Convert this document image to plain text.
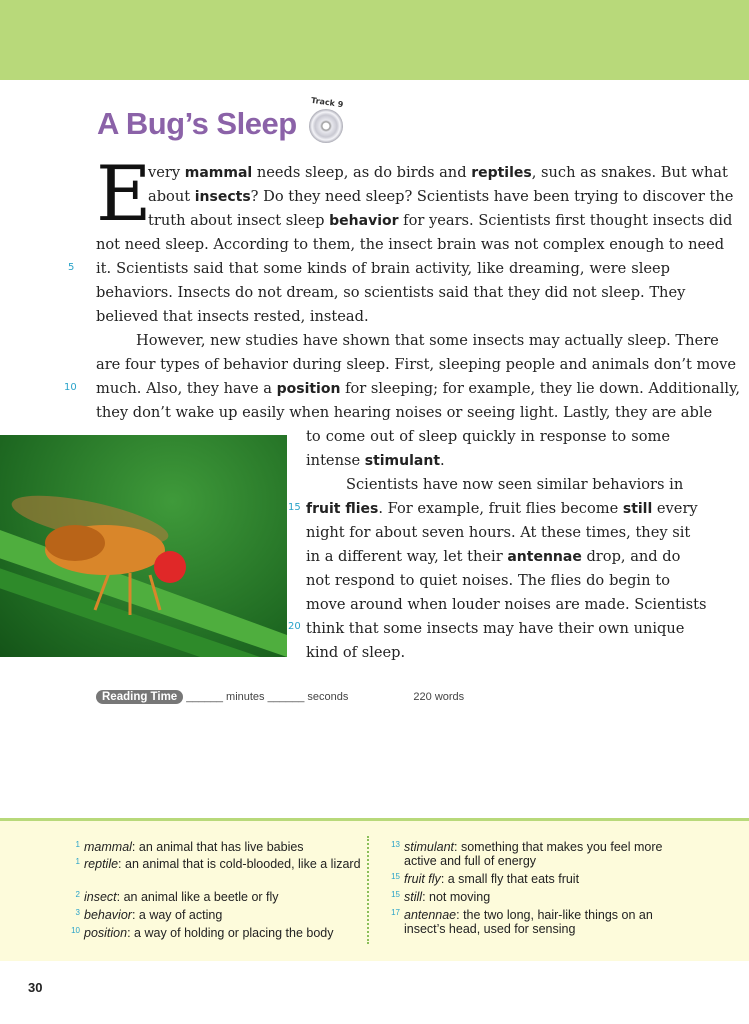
A Bug’s Sleep
Track 9
E
very mammal needs sleep, as do birds and reptiles, such as snakes. But what
about insects? Do they need sleep? Scientists have been trying to discover the
truth about insect sleep behavior for years. Scientists first thought insects did
not need sleep. According to them, the insect brain was not complex enough to need
it. Scientists said that some kinds of brain activity, like dreaming, were sleep
behaviors. Insects do not dream, so scientists said that they did not sleep. They
believed that insects rested, instead.
However, new studies have shown that some insects may actually sleep. There
are four types of behavior during sleep. First, sleeping people and animals don’t move
much. Also, they have a position for sleeping; for example, they lie down. Additionally,
they don’t wake up easily when hearing noises or seeing light. Lastly, they are able
to come out of sleep quickly in response to some
intense stimulant.
Scientists have now seen similar behaviors in
fruit flies. For example, fruit flies become still every
night for about seven hours. At these times, they sit
in a different way, let their antennae drop, and do
not respond to quiet noises. The flies do begin to
move around when louder noises are made. Scientists
think that some insects may have their own unique
kind of sleep.
5
10
15
20
Reading Time ______ minutes ______ seconds	220 words
1 mammal: an animal that has live babies
1 reptile: an animal that is cold-blooded, like a lizard
2 insect: an animal like a beetle or fly
3 behavior: a way of acting
10 position: a way of holding or placing the body
13 stimulant: something that makes you feel more active and full of energy
15 fruit fly: a small fly that eats fruit
15 still: not moving
17 antennae: the two long, hair-like things on an insect’s head, used for sensing
30
